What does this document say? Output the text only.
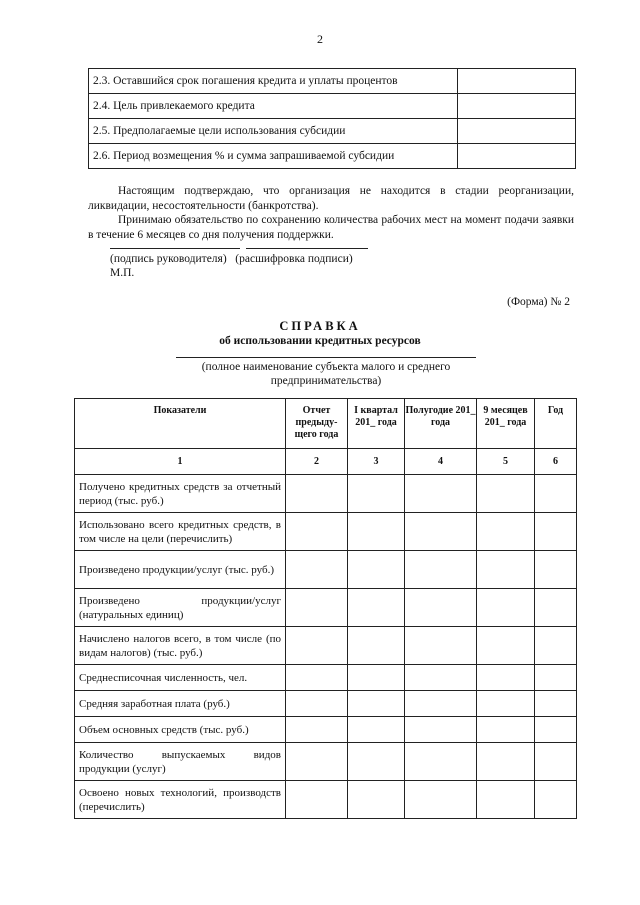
2
2.3. Оставшийся срок погашения кредита и уплаты процентов	
2.4. Цель привлекаемого кредита	
2.5. Предполагаемые цели использования субсидии	
2.6. Период возмещения % и сумма запрашиваемой субсидии	

Настоящим подтверждаю, что организация не находится в стадии реорганизации, ликвидации, несостоятельности (банкротства).

Принимаю обязательство по сохранению количества рабочих мест на момент подачи заявки в течение 6 месяцев со дня получения поддержки.

(подпись руководителя) (расшифровка подписи)
М.П.
(Форма) № 2
СПРАВКА
об использовании кредитных ресурсов
(полное наименование субъекта малого и среднего предпринимательства)
Показатели	Отчет предыду-щего года	I квартал 201_ года	Полугодие 201_ года	9 месяцев 201_ года	Год
1	2	3	4	5	6
Получено кредитных средств за отчетный период (тыс. руб.)					
Использовано всего кредитных средств, в том числе на цели (перечислить)					
Произведено продукции/услуг (тыс. руб.)					
Произведено продукции/услуг (натуральных единиц)					
Начислено налогов всего, в том числе (по видам налогов) (тыс. руб.)					
Среднесписочная численность, чел.					
Средняя заработная плата (руб.)					
Объем основных средств (тыс. руб.)					
Количество выпускаемых видов продукции (услуг)					
Освоено новых технологий, производств (перечислить)					
